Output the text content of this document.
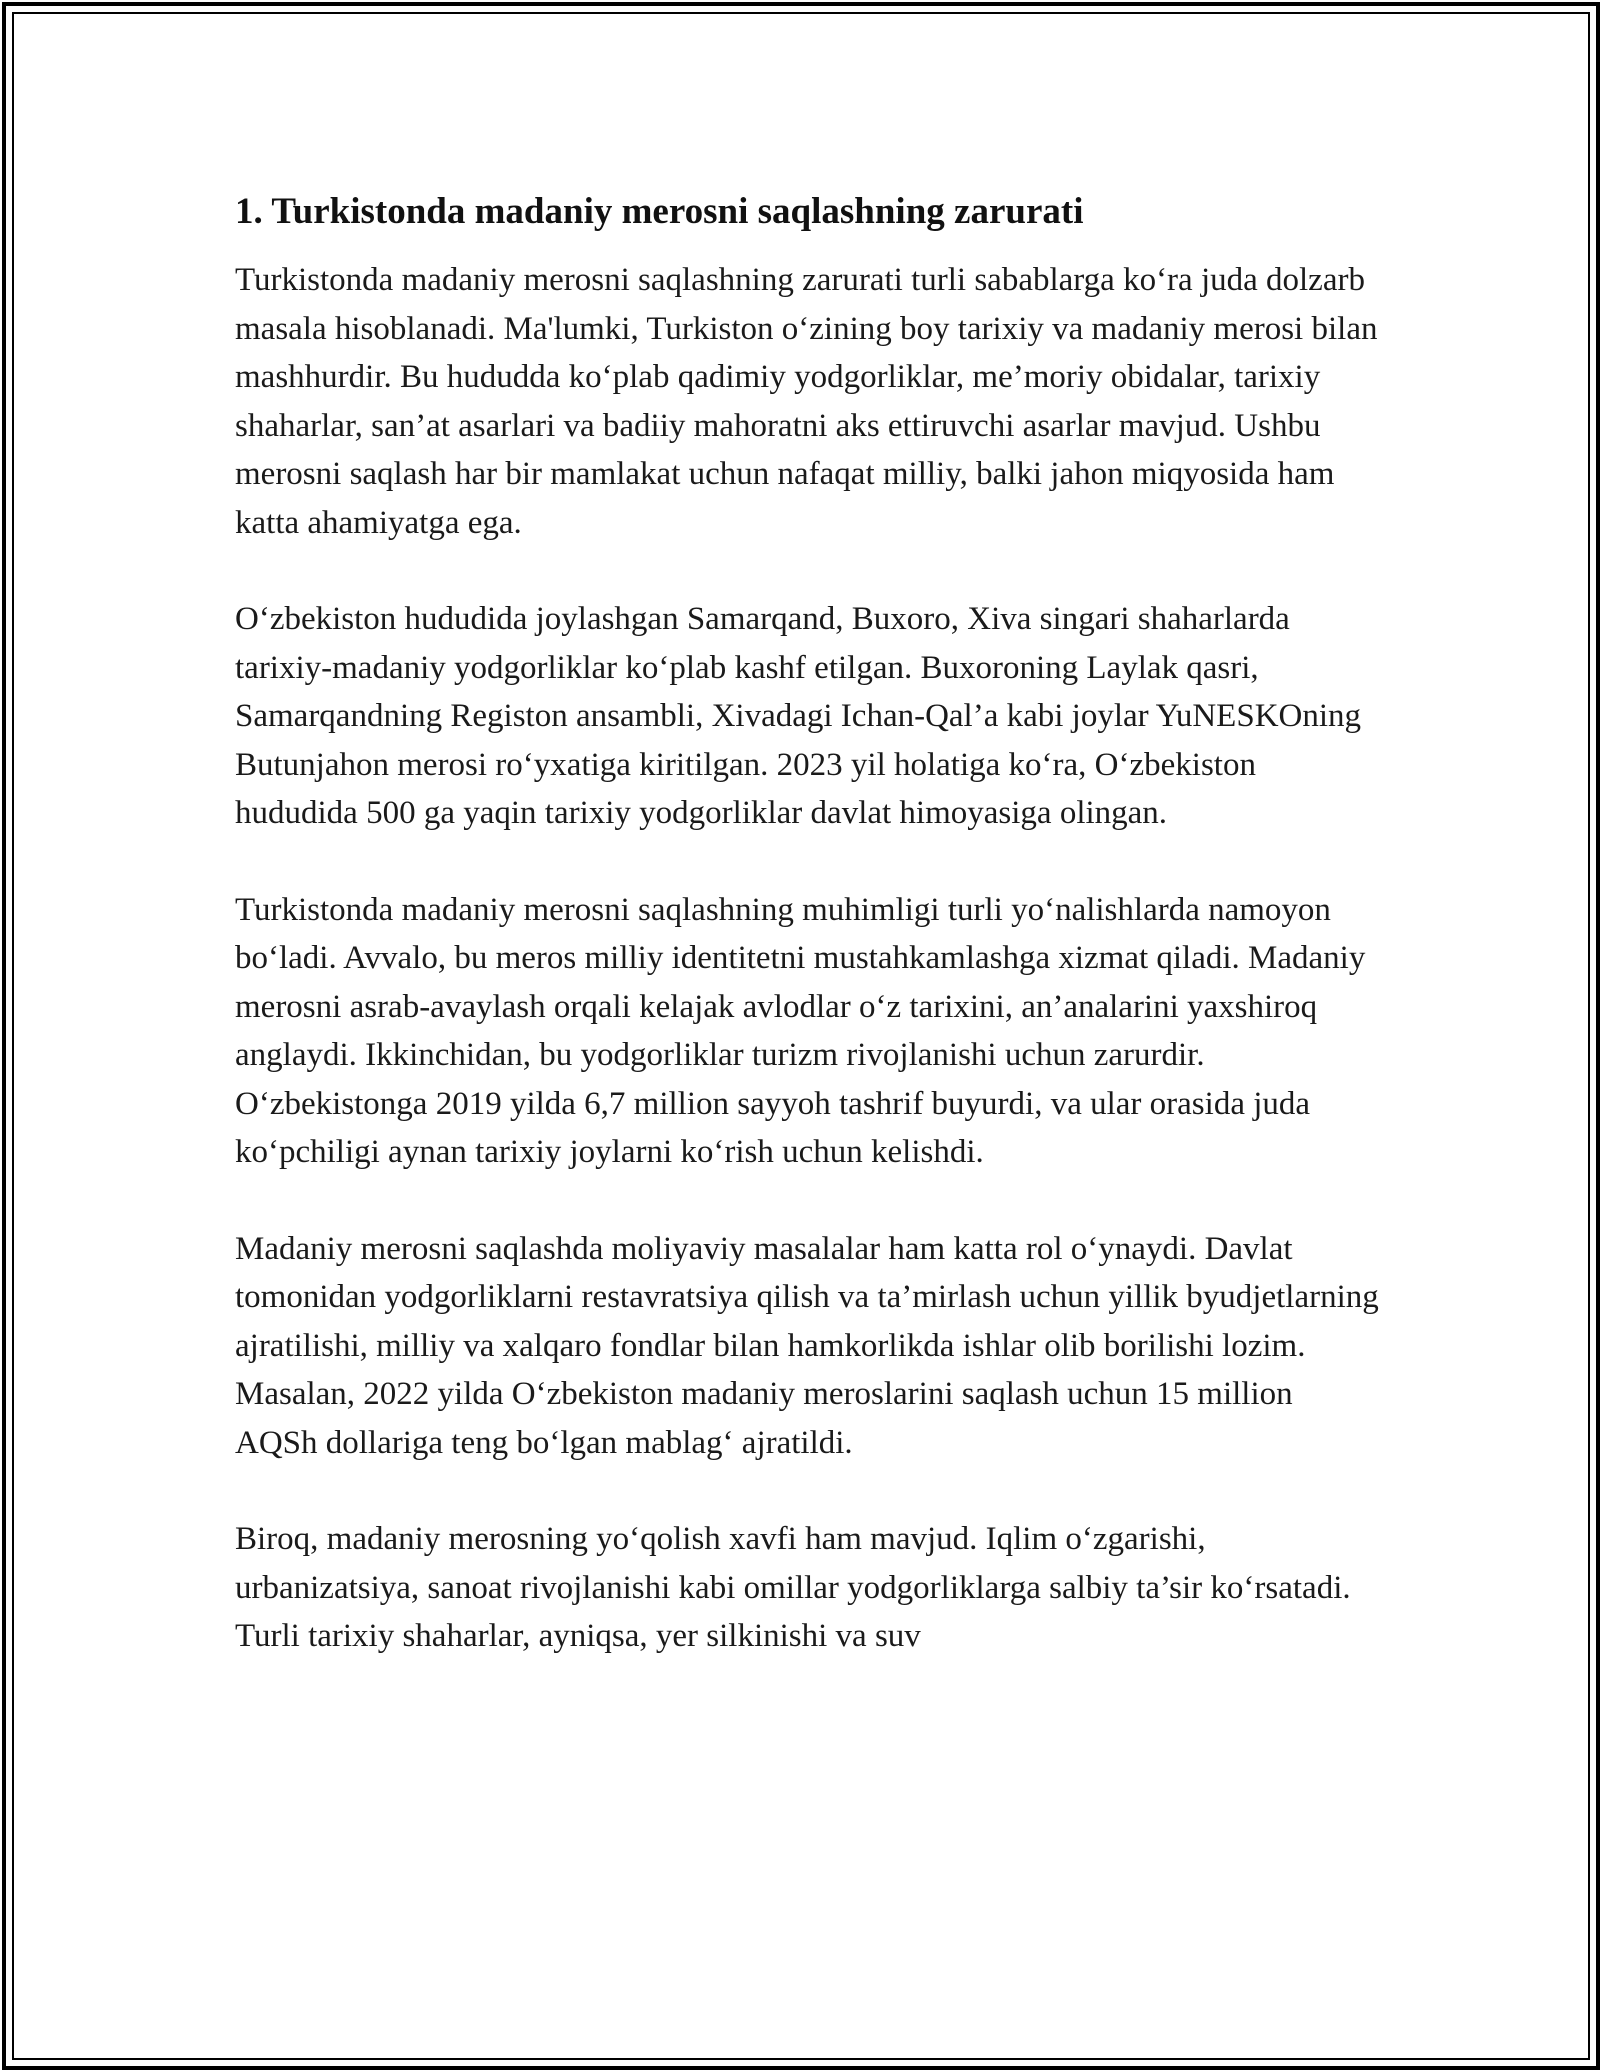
1. Turkistonda madaniy merosni saqlashning zarurati

Turkistonda madaniy merosni saqlashning zarurati turli sabablarga ko‘ra juda dolzarb masala hisoblanadi. Ma'lumki, Turkiston o‘zining boy tarixiy va madaniy merosi bilan mashhurdir. Bu hududda ko‘plab qadimiy yodgorliklar, me’moriy obidalar, tarixiy shaharlar, san’at asarlari va badiiy mahoratni aks ettiruvchi asarlar mavjud. Ushbu merosni saqlash har bir mamlakat uchun nafaqat milliy, balki jahon miqyosida ham katta ahamiyatga ega.

O‘zbekiston hududida joylashgan Samarqand, Buxoro, Xiva singari shaharlarda tarixiy-madaniy yodgorliklar ko‘plab kashf etilgan. Buxoroning Laylak qasri, Samarqandning Registon ansambli, Xivadagi Ichan-Qal’a kabi joylar YuNESKOning Butunjahon merosi ro‘yxatiga kiritilgan. 2023 yil holatiga ko‘ra, O‘zbekiston hududida 500 ga yaqin tarixiy yodgorliklar davlat himoyasiga olingan.

Turkistonda madaniy merosni saqlashning muhimligi turli yo‘nalishlarda namoyon bo‘ladi. Avvalo, bu meros milliy identitetni mustahkamlashga xizmat qiladi. Madaniy merosni asrab-avaylash orqali kelajak avlodlar o‘z tarixini, an’analarini yaxshiroq anglaydi. Ikkinchidan, bu yodgorliklar turizm rivojlanishi uchun zarurdir. O‘zbekistonga 2019 yilda 6,7 million sayyoh tashrif buyurdi, va ular orasida juda ko‘pchiligi aynan tarixiy joylarni ko‘rish uchun kelishdi.

Madaniy merosni saqlashda moliyaviy masalalar ham katta rol o‘ynaydi. Davlat tomonidan yodgorliklarni restavratsiya qilish va ta’mirlash uchun yillik byudjetlarning ajratilishi, milliy va xalqaro fondlar bilan hamkorlikda ishlar olib borilishi lozim. Masalan, 2022 yilda O‘zbekiston madaniy meroslarini saqlash uchun 15 million AQSh dollariga teng bo‘lgan mablag‘ ajratildi.

Biroq, madaniy merosning yo‘qolish xavfi ham mavjud. Iqlim o‘zgarishi, urbanizatsiya, sanoat rivojlanishi kabi omillar yodgorliklarga salbiy ta’sir ko‘rsatadi. Turli tarixiy shaharlar, ayniqsa, yer silkinishi va suv
